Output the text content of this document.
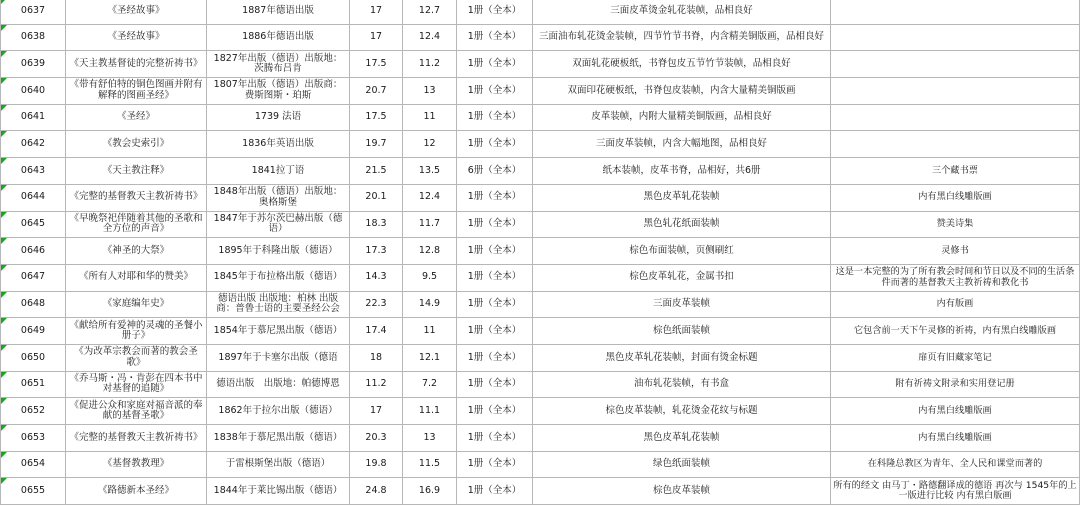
0637	《圣经故事》	1887年德语出版	17	12.7	1册（全本）	三面皮革烫金轧花装帧，品相良好	
0638	《圣经故事》	1886年德语出版	17	12.4	1册（全本）	三面油布轧花烫金装帧，四节竹节书脊，内含精美铜版画，品相良好	
0639	《天主教基督徒的完整祈祷书》	1827年出版（德语）出版地：茨腾布吕肯	17.5	11.2	1册（全本）	双面轧花硬板纸，书脊包皮五节竹节装帧，品相良好	
0640	《带有舒伯特的铜色图画并附有解释的图画圣经》	1807年出版（德语）出版商：费斯图斯・珀斯	20.7	13	1册（全本）	双面印花硬板纸，书脊包皮装帧，内含大量精美铜版画	
0641	《圣经》	1739 法语	17.5	11	1册（全本）	皮革装帧，内附大量精美铜版画，品相良好	
0642	《教会史索引》	1836年英语出版	19.7	12	1册（全本）	三面皮革装帧，内含大幅地图，品相良好	
0643	《天主教注释》	1841拉丁语	21.5	13.5	6册（全本）	纸本装帧，皮革书脊，品相好，共6册	三个藏书票
0644	《完整的基督教天主教祈祷书》	1848年出版（德语）出版地：奥格斯堡	20.1	12.4	1册（全本）	黑色皮革轧花装帧	内有黑白线雕版画
0645	《早晚祭祀伴随着其他的圣歌和全方位的声音》	1847年于苏尔茨巴赫出版（德语）	18.3	11.7	1册（全本）	黑色轧花纸面装帧	赞美诗集
0646	《神圣的大祭》	1895年于科隆出版（德语）	17.3	12.8	1册（全本）	棕色布面装帧，页侧刷红	灵修书
0647	《所有人对耶和华的赞美》	1845年于布拉格出版（德语）	14.3	9.5	1册（全本）	棕色皮革轧花，金属书扣	这是一本完整的为了所有教会时间和节日以及不同的生活条件而著的基督教天主教祈祷和教化书
0648	《家庭编年史》	德语出版 出版地：柏林 出版商：普鲁士语的主要圣经公会	22.3	14.9	1册（全本）	三面皮革装帧	内有版画
0649	《献给所有爱神的灵魂的圣餐小册子》	1854年于慕尼黑出版（德语）	17.4	11	1册（全本）	棕色纸面装帧	它包含前一天下午灵修的祈祷，内有黑白线雕版画
0650	《为改革宗教会而著的教会圣歌》	1897年于卡塞尔出版（德语	18	12.1	1册（全本）	黑色皮革轧花装帧，封面有烫金标题	扉页有旧藏家笔记
0651	《乔马斯・冯・肯彭在四本书中对基督的追随》	德语出版　出版地：帕德博恩	11.2	7.2	1册（全本）	油布轧花装帧，有书盒	附有祈祷文附录和实用登记册
0652	《促进公众和家庭对福音派的奉献的基督圣歌》	1862年于拉尔出版（德语）	17	11.1	1册（全本）	棕色皮革装帧，轧花烫金花纹与标题	内有黑白线雕版画
0653	《完整的基督教天主教祈祷书》	1838年于慕尼黑出版（德语）	20.3	13	1册（全本）	黑色皮革轧花装帧	内有黑白线雕版画
0654	《基督教教理》	于雷根斯堡出版（德语）	19.8	11.5	1册（全本）	绿色纸面装帧	在科隆总教区为青年、全人民和课堂而著的
0655	《路德新本圣经》	1844年于莱比锡出版（德语）	24.8	16.9	1册（全本）	棕色皮革装帧	所有的经文 由马丁・路德翻译成的德语 再次与 1545年的上一版进行比较 内有黑白版画
